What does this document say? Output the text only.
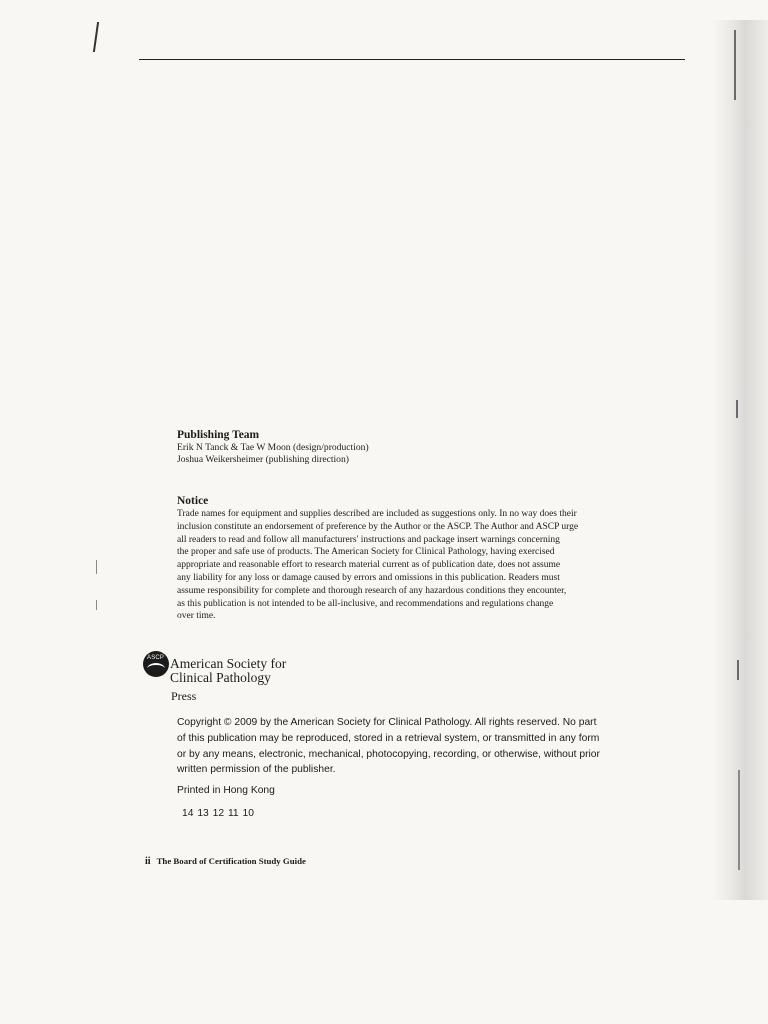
Publishing Team

Erik N Tanck & Tae W Moon (design/production)

Joshua Weikersheimer (publishing direction)

Notice

Trade names for equipment and supplies described are included as suggestions only. In no way does their
inclusion constitute an endorsement of preference by the Author or the ASCP. The Author and ASCP urge
all readers to read and follow all manufacturers' instructions and package insert warnings concerning
the proper and safe use of products. The American Society for Clinical Pathology, having exercised
appropriate and reasonable effort to research material current as of publication date, does not assume
any liability for any loss or damage caused by errors and omissions in this publication. Readers must
assume responsibility for complete and thorough research of any hazardous conditions they encounter,
as this publication is not intended to be all-inclusive, and recommendations and regulations change
over time.
ASCP American Society for
Clinical Pathology
Press
Copyright © 2009 by the American Society for Clinical Pathology. All rights reserved. No part
of this publication may be reproduced, stored in a retrieval system, or transmitted in any form
or by any means, electronic, mechanical, photocopying, recording, or otherwise, without prior
written permission of the publisher.
Printed in Hong Kong
14 13 12 11 10
ii The Board of Certification Study Guide
